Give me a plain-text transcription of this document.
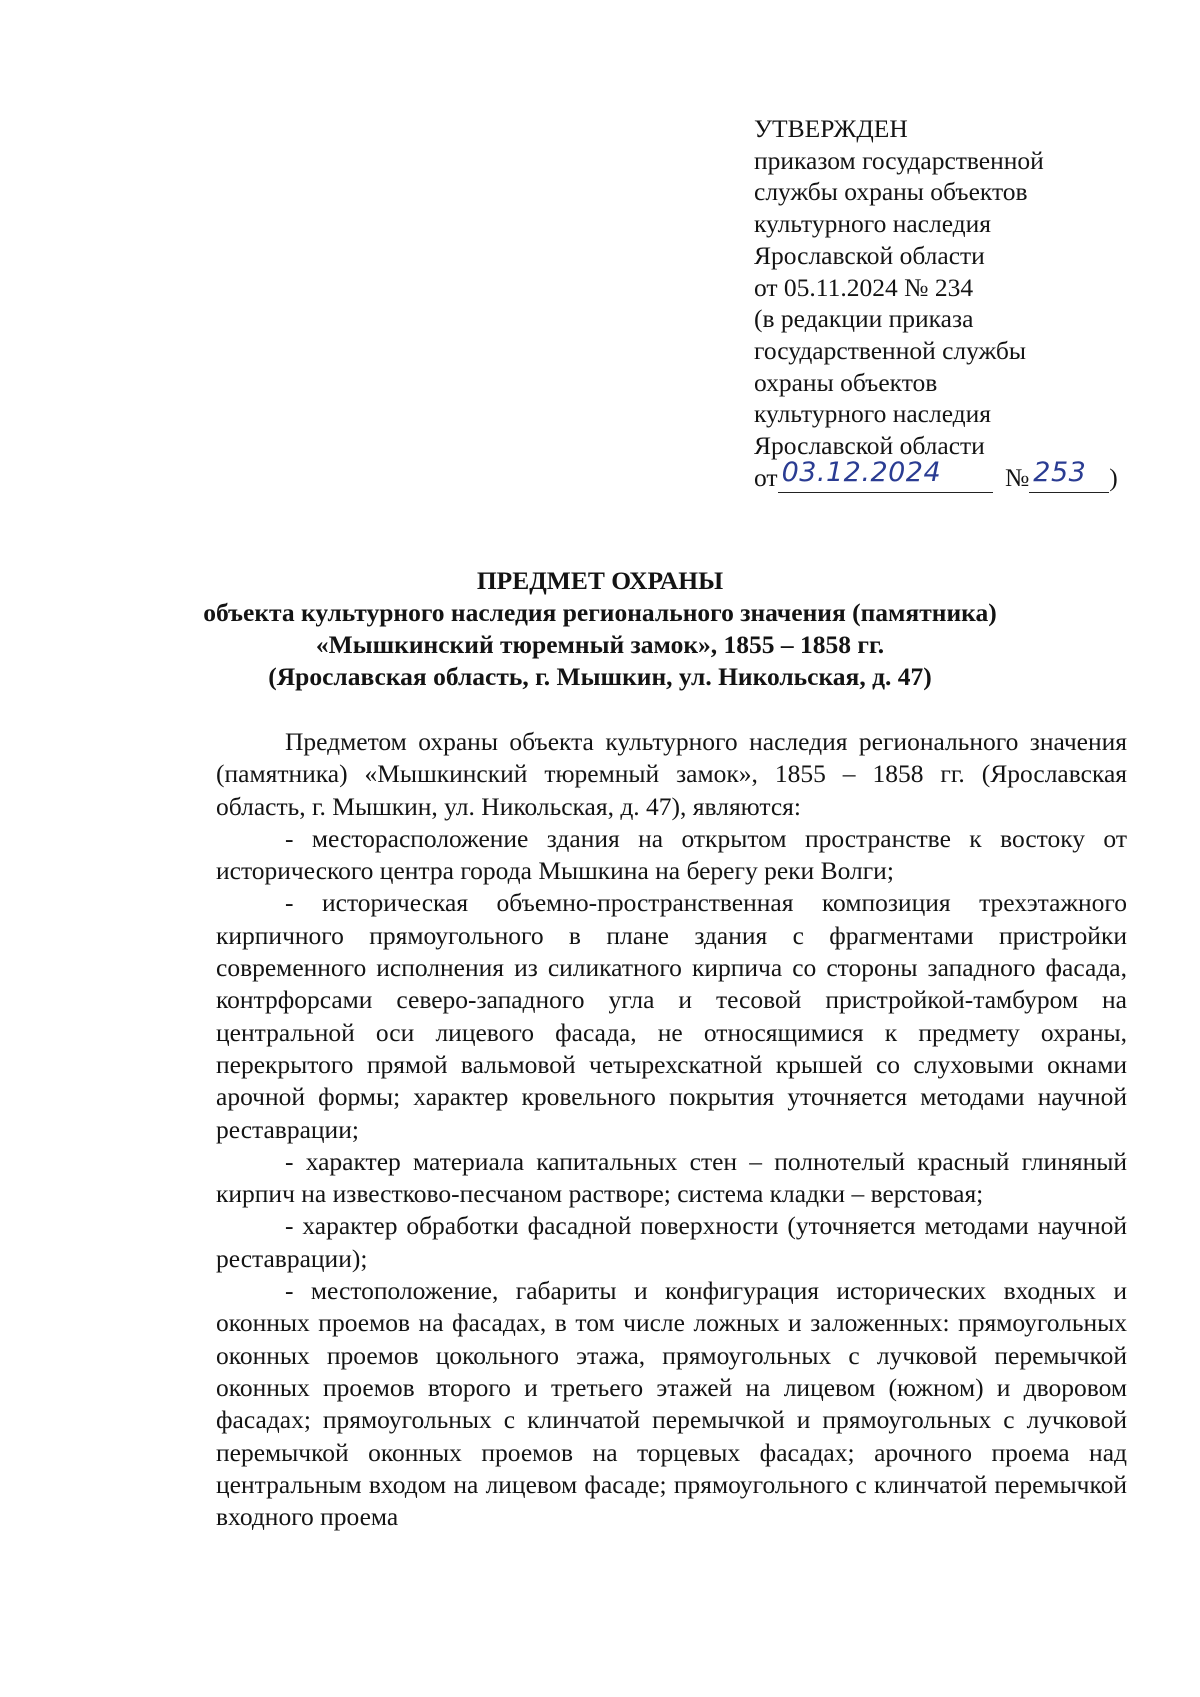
УТВЕРЖДЕН
приказом государственной
службы охраны объектов
культурного наследия
Ярославской области
от 05.11.2024 № 234
(в редакции приказа
государственной службы
охраны объектов
культурного наследия
Ярославской области
от 03.12.2024	№ 253 )
ПРЕДМЕТ ОХРАНЫ
объекта культурного наследия регионального значения (памятника)
«Мышкинский тюремный замок», 1855 – 1858 гг.
(Ярославская область, г. Мышкин, ул. Никольская, д. 47)

Предметом охраны объекта культурного наследия регионального значения (памятника) «Мышкинский тюремный замок», 1855 – 1858 гг. (Ярославская область, г. Мышкин, ул. Никольская, д. 47), являются:

- месторасположение здания на открытом пространстве к востоку от исторического центра города Мышкина на берегу реки Волги;

- историческая объемно-пространственная композиция трехэтажного кирпичного прямоугольного в плане здания с фрагментами пристройки современного исполнения из силикатного кирпича со стороны западного фасада, контрфорсами северо-западного угла и тесовой пристройкой-тамбуром на центральной оси лицевого фасада, не относящимися к предмету охраны, перекрытого прямой вальмовой четырехскатной крышей со слуховыми окнами арочной формы; характер кровельного покрытия уточняется методами научной реставрации;

- характер материала капитальных стен – полнотелый красный глиняный кирпич на известково-песчаном растворе; система кладки – верстовая;

- характер обработки фасадной поверхности (уточняется методами научной реставрации);

- местоположение, габариты и конфигурация исторических входных и оконных проемов на фасадах, в том числе ложных и заложенных: прямоугольных оконных проемов цокольного этажа, прямоугольных с лучковой перемычкой оконных проемов второго и третьего этажей на лицевом (южном) и дворовом фасадах; прямоугольных с клинчатой перемычкой и прямоугольных с лучковой перемычкой оконных проемов на торцевых фасадах; арочного проема над центральным входом на лицевом фасаде; прямоугольного с клинчатой перемычкой входного проема
